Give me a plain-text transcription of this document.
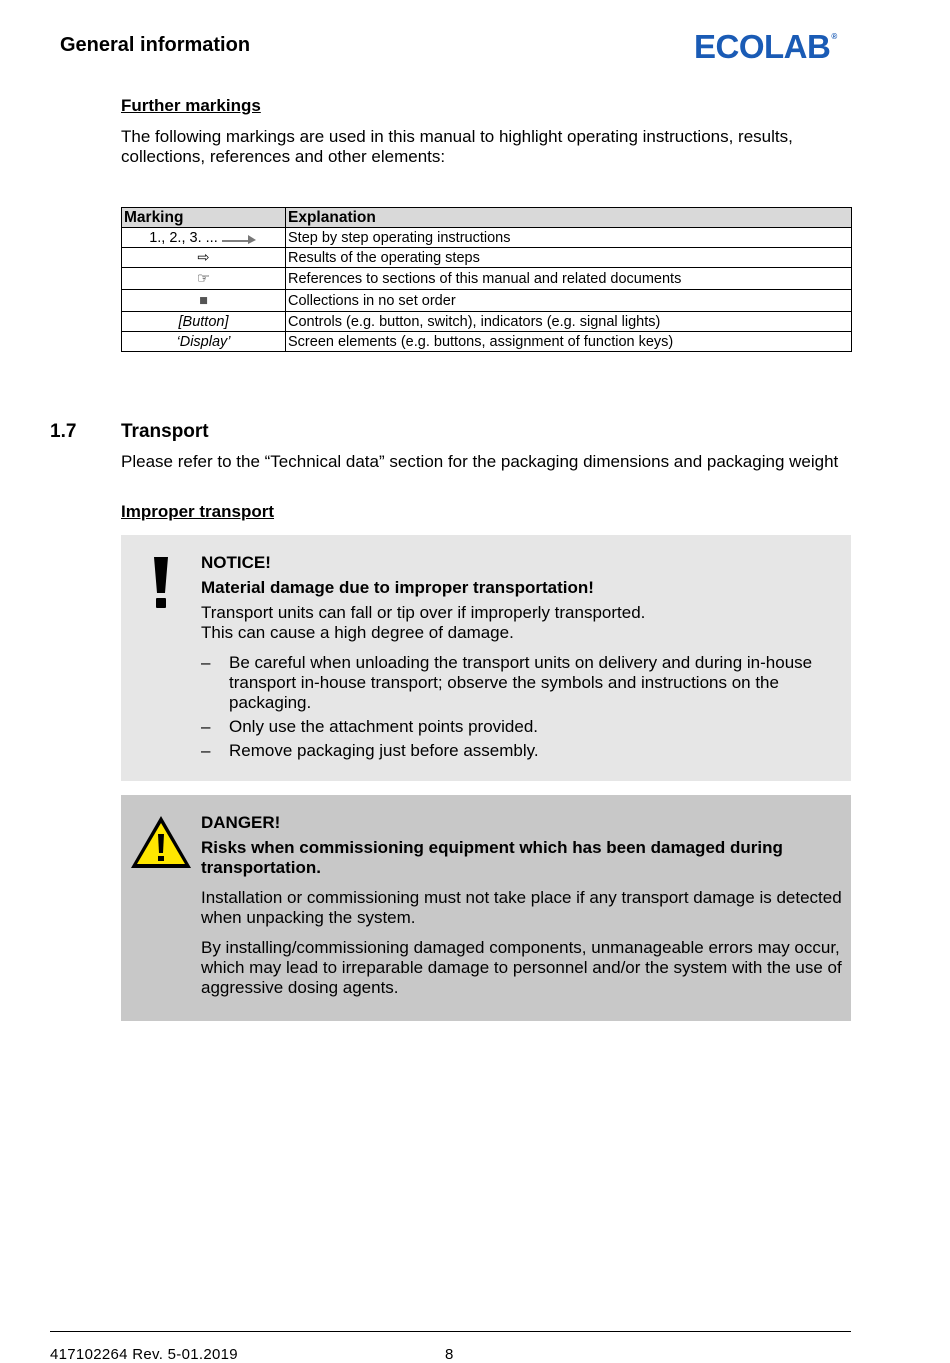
General information	ECOLAB®
Further markings
The following markings are used in this manual to highlight operating instructions, results, collections, references and other elements:
Marking	Explanation
1., 2., 3. ...	Step by step operating instructions
⇨	Results of the operating steps
☞	References to sections of this manual and related documents
■	Collections in no set order
[Button]	Controls (e.g. button, switch), indicators (e.g. signal lights)
‘Display’	Screen elements (e.g. buttons, assignment of function keys)
1.7 Transport
Please refer to the “Technical data” section for the packaging dimensions and packaging weight
Improper transport
NOTICE!
Material damage due to improper transportation!
Transport units can fall or tip over if improperly transported.
This can cause a high degree of damage.
– Be careful when unloading the transport units on delivery and during in-house transport in-house transport; observe the symbols and instructions on the packaging.
– Only use the attachment points provided.
– Remove packaging just before assembly.
DANGER!
Risks when commissioning equipment which has been damaged during transportation.
Installation or commissioning must not take place if any transport damage is detected when unpacking the system.
By installing/commissioning damaged components, unmanageable errors may occur, which may lead to irreparable damage to personnel and/or the system with the use of aggressive dosing agents.
417102264 Rev. 5-01.2019	8
